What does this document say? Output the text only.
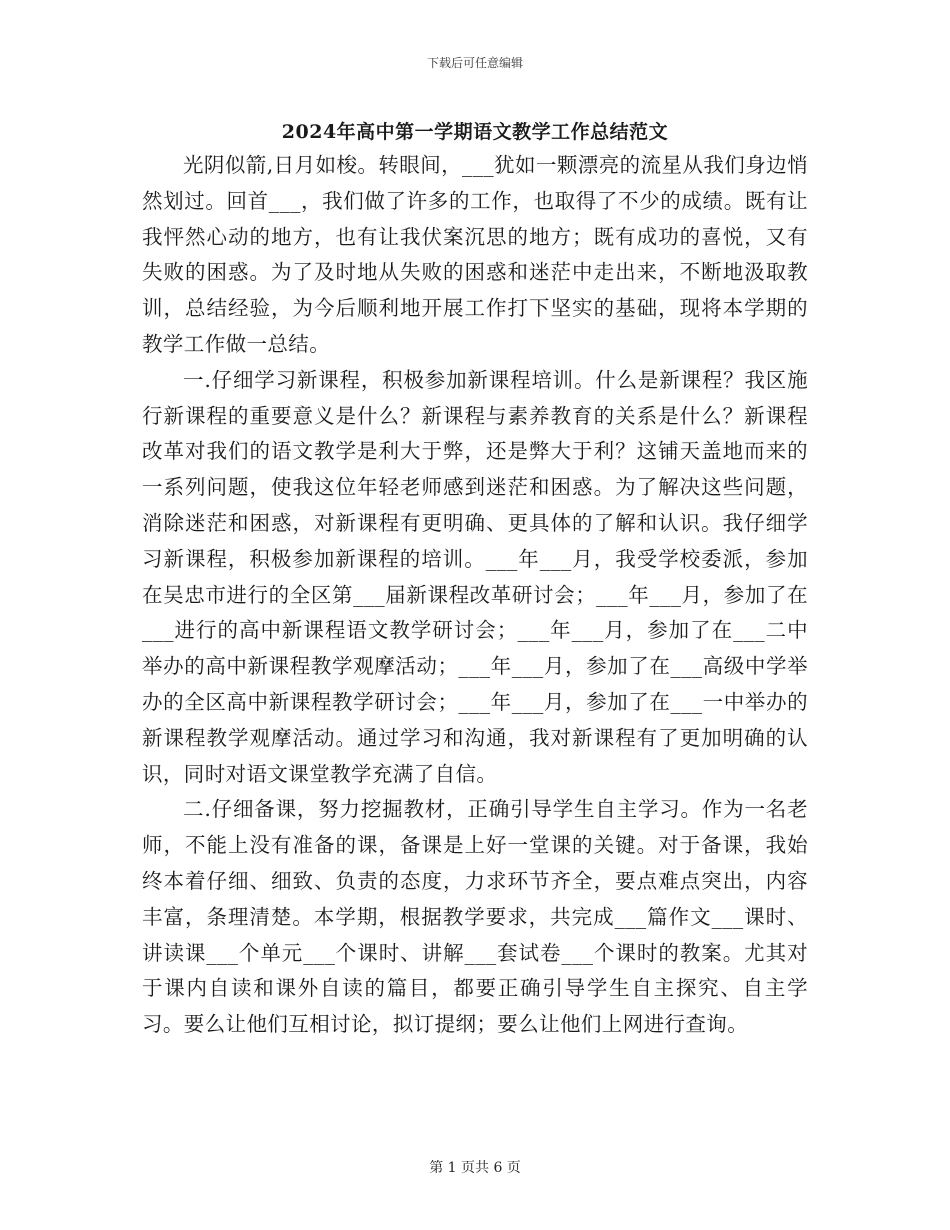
下载后可任意编辑
2024年高中第一学期语文教学工作总结范文

光阴似箭,日月如梭。转眼间，___犹如一颗漂亮的流星从我们身边悄然划过。回首___，我们做了许多的工作，也取得了不少的成绩。既有让我怦然心动的地方，也有让我伏案沉思的地方；既有成功的喜悦，又有失败的困惑。为了及时地从失败的困惑和迷茫中走出来，不断地汲取教训，总结经验，为今后顺利地开展工作打下坚实的基础，现将本学期的教学工作做一总结。

一.仔细学习新课程，积极参加新课程培训。什么是新课程？我区施行新课程的重要意义是什么？新课程与素养教育的关系是什么？新课程改革对我们的语文教学是利大于弊，还是弊大于利？这铺天盖地而来的一系列问题，使我这位年轻老师感到迷茫和困惑。为了解决这些问题，消除迷茫和困惑，对新课程有更明确、更具体的了解和认识。我仔细学习新课程，积极参加新课程的培训。___年___月，我受学校委派，参加在吴忠市进行的全区第___届新课程改革研讨会；___年___月，参加了在___进行的高中新课程语文教学研讨会；___年___月，参加了在___二中举办的高中新课程教学观摩活动；___年___月，参加了在___高级中学举办的全区高中新课程教学研讨会；___年___月，参加了在___一中举办的新课程教学观摩活动。通过学习和沟通，我对新课程有了更加明确的认识，同时对语文课堂教学充满了自信。

二.仔细备课，努力挖掘教材，正确引导学生自主学习。作为一名老师，不能上没有准备的课，备课是上好一堂课的关键。对于备课，我始终本着仔细、细致、负责的态度，力求环节齐全，要点难点突出，内容丰富，条理清楚。本学期，根据教学要求，共完成___篇作文___课时、讲读课___个单元___个课时、讲解___套试卷___个课时的教案。尤其对于课内自读和课外自读的篇目，都要正确引导学生自主探究、自主学习。要么让他们互相讨论，拟订提纲；要么让他们上网进行查询。

第 1 页共 6 页
